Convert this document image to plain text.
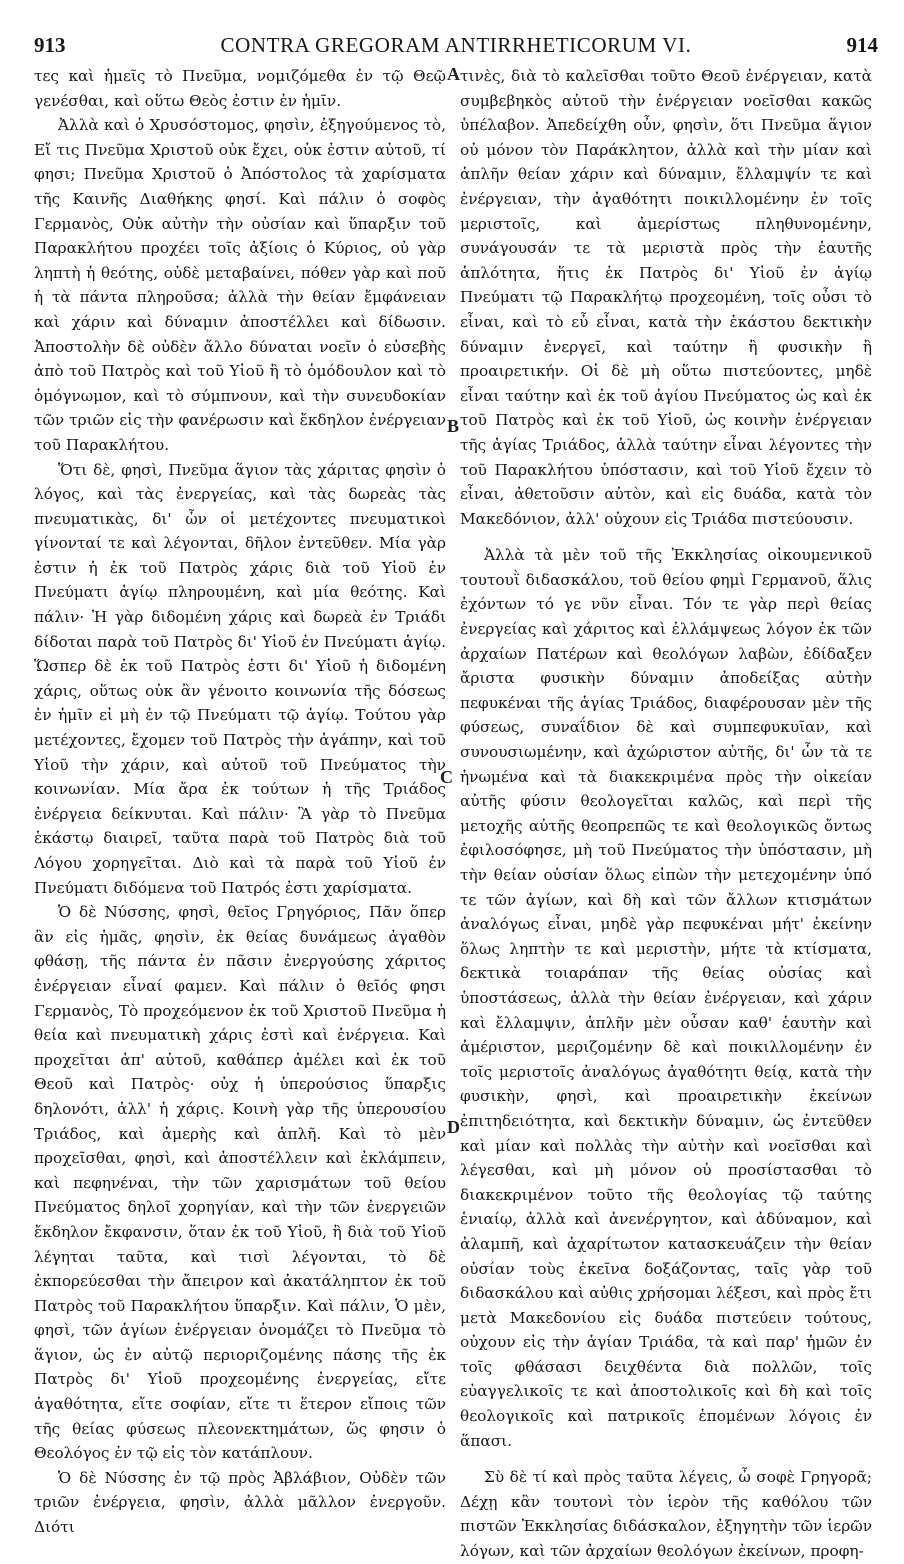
913	CONTRA GREGORAM ANTIRRHETICORUM VI.	914

τες καὶ ἡμεῖς τὸ Πνεῦμα, νομιζόμεθα ἐν τῷ Θεῷ γενέσθαι, καὶ οὕτω Θεὸς ἐστιν ἐν ἡμῖν.

Ἀλλὰ καὶ ὁ Χρυσόστομος, φησὶν, ἐξηγούμενος τὸ, Εἴ τις Πνεῦμα Χριστοῦ οὐκ ἔχει, οὐκ ἐστιν αὐτοῦ, τί φησι; Πνεῦμα Χριστοῦ ὁ Ἀπόστολος τὰ χαρίσματα τῆς Καινῆς Διαθήκης φησί. Καὶ πάλιν ὁ σοφὸς Γερμανὸς, Οὐκ αὐτὴν τὴν οὐσίαν καὶ ὕπαρξιν τοῦ Παρακλήτου προχέει τοῖς ἀξίοις ὁ Κύριος, οὐ γὰρ ληπτὴ ἡ θεότης, οὐδὲ μεταβαίνει, πόθεν γὰρ καὶ ποῦ ἡ τὰ πάντα πληροῦσα; ἀλλὰ τὴν θείαν ἔμφάνειαν καὶ χάριν καὶ δύναμιν ἀποστέλλει καὶ δίδωσιν. Ἀποστολὴν δὲ οὐδὲν ἄλλο δύναται νοεῖν ὁ εὐσεβὴς ἀπὸ τοῦ Πατρὸς καὶ τοῦ Υἱοῦ ἢ τὸ ὁμόδουλον καὶ τὸ ὁμόγνωμον, καὶ τὸ σύμπνουν, καὶ τὴν συνευδοκίαν τῶν τριῶν εἰς τὴν φανέρωσιν καὶ ἔκδηλον ἐνέργειαν τοῦ Παρακλήτου.

Ὅτι δὲ, φησὶ, Πνεῦμα ἅγιον τὰς χάριτας φησὶν ὁ λόγος, καὶ τὰς ἐνεργείας, καὶ τὰς δωρεὰς τὰς πνευματικὰς, δι' ὧν οἱ μετέχοντες πνευματικοὶ γίνονταί τε καὶ λέγονται, δῆλον ἐντεῦθεν. Μία γὰρ ἐστιν ἡ ἐκ τοῦ Πατρὸς χάρις διὰ τοῦ Υἱοῦ ἐν Πνεύματι ἁγίῳ πληρουμένη, καὶ μία θεότης. Καὶ πάλιν· Ἡ γὰρ διδομένη χάρις καὶ δωρεὰ ἐν Τριάδι δίδοται παρὰ τοῦ Πατρὸς δι' Υἱοῦ ἐν Πνεύματι ἁγίῳ. Ὥσπερ δὲ ἐκ τοῦ Πατρὸς ἐστι δι' Υἱοῦ ἡ διδομένη χάρις, οὕτως οὐκ ἂν γένοιτο κοινωνία τῆς δόσεως ἐν ἡμῖν εἰ μὴ ἐν τῷ Πνεύματι τῷ ἁγίῳ. Τούτου γὰρ μετέχοντες, ἔχομεν τοῦ Πατρὸς τὴν ἀγάπην, καὶ τοῦ Υἱοῦ τὴν χάριν, καὶ αὐτοῦ τοῦ Πνεύματος τὴν κοινωνίαν. Μία ἄρα ἐκ τούτων ἡ τῆς Τριάδος ἐνέργεια δείκνυται. Καὶ πάλιν· Ἃ γὰρ τὸ Πνεῦμα ἑκάστῳ διαιρεῖ, ταῦτα παρὰ τοῦ Πατρὸς διὰ τοῦ Λόγου χορηγεῖται. Διὸ καὶ τὰ παρὰ τοῦ Υἱοῦ ἐν Πνεύματι διδόμενα τοῦ Πατρός ἐστι χαρίσματα.

Ὁ δὲ Νύσσης, φησὶ, θεῖος Γρηγόριος, Πᾶν ὅπερ ἂν εἰς ἡμᾶς, φησὶν, ἐκ θείας δυνάμεως ἀγαθὸν φθάσῃ, τῆς πάντα ἐν πᾶσιν ἐνεργούσης χάριτος ἐνέργειαν εἶναί φαμεν. Καὶ πάλιν ὁ θεῖός φησι Γερμανὸς, Τὸ προχεόμενον ἐκ τοῦ Χριστοῦ Πνεῦμα ἡ θεία καὶ πνευματικὴ χάρις ἐστὶ καὶ ἐνέργεια. Καὶ προχεῖται ἀπ' αὐτοῦ, καθάπερ ἀμέλει καὶ ἐκ τοῦ Θεοῦ καὶ Πατρὸς· οὐχ ἡ ὑπερούσιος ὕπαρξις δηλονότι, ἀλλ' ἡ χάρις. Κοινὴ γὰρ τῆς ὑπερουσίου Τριάδος, καὶ ἀμερὴς καὶ ἁπλῆ. Καὶ τὸ μὲν προχεῖσθαι, φησὶ, καὶ ἀποστέλλειν καὶ ἐκλάμπειν, καὶ πεφηνέναι, τὴν τῶν χαρισμάτων τοῦ θείου Πνεύματος δηλοῖ χορηγίαν, καὶ τὴν τῶν ἐνεργειῶν ἔκδηλον ἔκφανσιν, ὅταν ἐκ τοῦ Υἱοῦ, ἢ διὰ τοῦ Υἱοῦ λέγηται ταῦτα, καὶ τισὶ λέγονται, τὸ δὲ ἐκπορεύεσθαι τὴν ἄπειρον καὶ ἀκατάληπτον ἐκ τοῦ Πατρὸς τοῦ Παρακλήτου ὕπαρξιν. Καὶ πάλιν, Ὁ μὲν, φησὶ, τῶν ἁγίων ἐνέργειαν ὀνομάζει τὸ Πνεῦμα τὸ ἅγιον, ὡς ἐν αὐτῷ περιοριζομένης πάσης τῆς ἐκ Πατρὸς δι' Υἱοῦ προχεομένης ἐνεργείας, εἴτε ἀγαθότητα, εἴτε σοφίαν, εἴτε τι ἕτερον εἴποις τῶν τῆς θείας φύσεως πλεονεκτημάτων, ὥς φησιν ὁ Θεολόγος ἐν τῷ εἰς τὸν κατάπλουν.

Ὁ δὲ Νύσσης ἐν τῷ πρὸς Ἀβλάβιον, Οὐδὲν τῶν τριῶν ἐνέργεια, φησὶν, ἀλλὰ μᾶλλον ἐνεργοῦν. Διότι

A
B
C
D

τινὲς, διὰ τὸ καλεῖσθαι τοῦτο Θεοῦ ἐνέργειαν, κατὰ συμβεβηκὸς αὐτοῦ τὴν ἐνέργειαν νοεῖσθαι κακῶς ὑπέλαβον. Ἀπεδείχθη οὖν, φησὶν, ὅτι Πνεῦμα ἅγιον οὐ μόνον τὸν Παράκλητον, ἀλλὰ καὶ τὴν μίαν καὶ ἁπλῆν θείαν χάριν καὶ δύναμιν, ἔλλαμψίν τε καὶ ἐνέργειαν, τὴν ἀγαθότητι ποικιλλομένην ἐν τοῖς μεριστοῖς, καὶ ἀμερίστως πληθυνομένην, συνάγουσάν τε τὰ μεριστὰ πρὸς τὴν ἑαυτῆς ἁπλότητα, ἥτις ἐκ Πατρὸς δι' Υἱοῦ ἐν ἁγίῳ Πνεύματι τῷ Παρακλήτῳ προχεομένη, τοῖς οὖσι τὸ εἶναι, καὶ τὸ εὖ εἶναι, κατὰ τὴν ἑκάστου δεκτικὴν δύναμιν ἐνεργεῖ, καὶ ταύτην ἢ φυσικὴν ἢ προαιρετικήν. Οἱ δὲ μὴ οὕτω πιστεύοντες, μηδὲ εἶναι ταύτην καὶ ἐκ τοῦ ἁγίου Πνεύματος ὡς καὶ ἐκ τοῦ Πατρὸς καὶ ἐκ τοῦ Υἱοῦ, ὡς κοινὴν ἐνέργειαν τῆς ἁγίας Τριάδος, ἀλλὰ ταύτην εἶναι λέγοντες τὴν τοῦ Παρακλήτου ὑπόστασιν, καὶ τοῦ Υἱοῦ ἔχειν τὸ εἶναι, ἀθετοῦσιν αὐτὸν, καὶ εἰς δυάδα, κατὰ τὸν Μακεδόνιον, ἀλλ' οὐχουν εἰς Τριάδα πιστεύουσιν.

Ἀλλὰ τὰ μὲν τοῦ τῆς Ἐκκλησίας οἰκουμενικοῦ τουτουῒ διδασκάλου, τοῦ θείου φημὶ Γερμανοῦ, ἅλις ἐχόντων τό γε νῦν εἶναι. Τόν τε γὰρ περὶ θείας ἐνεργείας καὶ χάριτος καὶ ἐλλάμψεως λόγον ἐκ τῶν ἀρχαίων Πατέρων καὶ θεολόγων λαβὼν, ἐδίδαξεν ἄριστα φυσικὴν δύναμιν ἀποδείξας αὐτὴν πεφυκέναι τῆς ἁγίας Τριάδος, διαφέρουσαν μὲν τῆς φύσεως, συναΐδιον δὲ καὶ συμπεφυκυῖαν, καὶ συνουσιωμένην, καὶ ἀχώριστον αὐτῆς, δι' ὧν τὰ τε ἡνωμένα καὶ τὰ διακεκριμένα πρὸς τὴν οἰκείαν αὐτῆς φύσιν θεολογεῖται καλῶς, καὶ περὶ τῆς μετοχῆς αὐτῆς θεοπρεπῶς τε καὶ θεολογικῶς ὄντως ἐφιλοσόφησε, μὴ τοῦ Πνεύματος τὴν ὑπόστασιν, μὴ τὴν θείαν οὐσίαν ὅλως εἰπὼν τὴν μετεχομένην ὑπό τε τῶν ἁγίων, καὶ δὴ καὶ τῶν ἄλλων κτισμάτων ἀναλόγως εἶναι, μηδὲ γὰρ πεφυκέναι μήτ' ἐκείνην ὅλως ληπτὴν τε καὶ μεριστὴν, μήτε τὰ κτίσματα, δεκτικὰ τοιαράπαν τῆς θείας οὐσίας καὶ ὑποστάσεως, ἀλλὰ τὴν θείαν ἐνέργειαν, καὶ χάριν καὶ ἔλλαμψιν, ἁπλῆν μὲν οὖσαν καθ' ἑαυτὴν καὶ ἀμέριστον, μεριζομένην δὲ καὶ ποικιλλομένην ἐν τοῖς μεριστοῖς ἀναλόγως ἀγαθότητι θείᾳ, κατὰ τὴν φυσικὴν, φησὶ, καὶ προαιρετικὴν ἐκείνων ἐπιτηδειότητα, καὶ δεκτικὴν δύναμιν, ὡς ἐντεῦθεν καὶ μίαν καὶ πολλὰς τὴν αὐτὴν καὶ νοεῖσθαι καὶ λέγεσθαι, καὶ μὴ μόνον οὐ προσίστασθαι τὸ διακεκριμένον τοῦτο τῆς θεολογίας τῷ ταύτης ἑνιαίῳ, ἀλλὰ καὶ ἀνενέργητον, καὶ ἀδύναμον, καὶ ἀλαμπῆ, καὶ ἀχαρίτωτον κατασκευάζειν τὴν θείαν οὐσίαν τοὺς ἐκεῖνα δοξάζοντας, ταῖς γὰρ τοῦ διδασκάλου καὶ αὐθις χρήσομαι λέξεσι, καὶ πρὸς ἔτι μετὰ Μακεδονίου εἰς δυάδα πιστεύειν τούτους, οὐχουν εἰς τὴν ἁγίαν Τριάδα, τὰ καὶ παρ' ἡμῶν ἐν τοῖς φθάσασι δειχθέντα διὰ πολλῶν, τοῖς εὐαγγελικοῖς τε καὶ ἀποστολικοῖς καὶ δὴ καὶ τοῖς θεολογικοῖς καὶ πατρικοῖς ἑπομένων λόγοις ἐν ἅπασι.

Σὺ δὲ τί καὶ πρὸς ταῦτα λέγεις, ὦ σοφὲ Γρηγορᾶ; Δέχῃ κἂν τουτονὶ τὸν ἱερὸν τῆς καθόλου τῶν πιστῶν Ἐκκλησίας διδάσκαλον, ἐξηγητὴν τῶν ἱερῶν λόγων, καὶ τῶν ἀρχαίων θεολόγων ἐκείνων, προφη-
